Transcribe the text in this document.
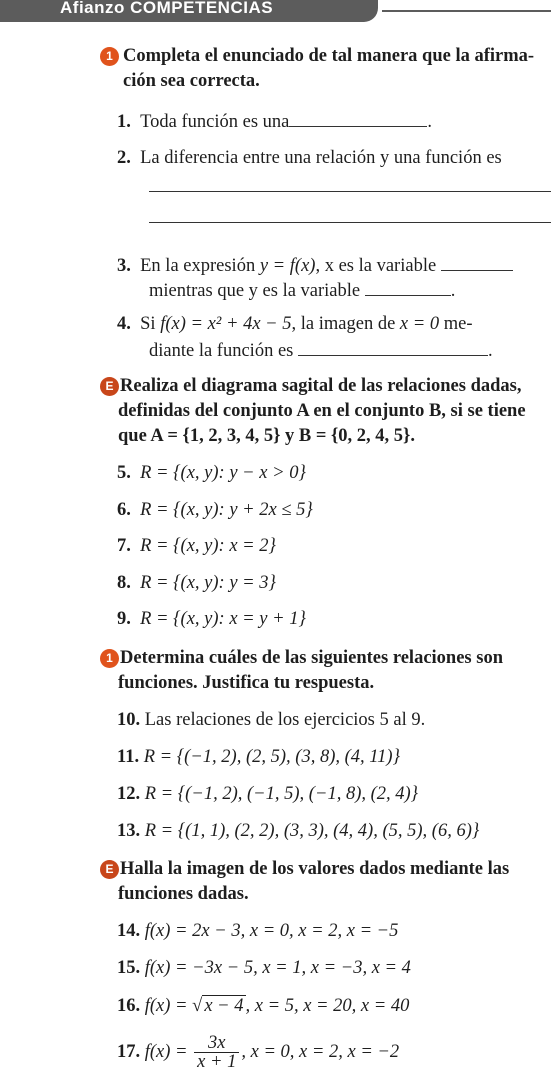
Afianzo COMPETENCIAS
1 Completa el enunciado de tal manera que la afirma-
ción sea correcta.
1. Toda función es una	.
2. La diferencia entre una relación y una función es
3. En la expresión y = f(x), x es la variable
mientras que y es la variable	.
4. Si f(x) = x² + 4x − 5, la imagen de x = 0 me-
diante la función es	.
E Realiza el diagrama sagital de las relaciones dadas,
definidas del conjunto A en el conjunto B, si se tiene
que A = {1, 2, 3, 4, 5} y B = {0, 2, 4, 5}.
5. R = {(x, y): y − x > 0}
6. R = {(x, y): y + 2x ≤ 5}
7. R = {(x, y): x = 2}
8. R = {(x, y): y = 3}
9. R = {(x, y): x = y + 1}
1 Determina cuáles de las siguientes relaciones son
funciones. Justifica tu respuesta.
10. Las relaciones de los ejercicios 5 al 9.
11. R = {(−1, 2), (2, 5), (3, 8), (4, 11)}
12. R = {(−1, 2), (−1, 5), (−1, 8), (2, 4)}
13. R = {(1, 1), (2, 2), (3, 3), (4, 4), (5, 5), (6, 6)}
E Halla la imagen de los valores dados mediante las
funciones dadas.
14. f(x) = 2x − 3, x = 0, x = 2, x = −5
15. f(x) = −3x − 5, x = 1, x = −3, x = 4
16. f(x) = √ x − 4 , x = 5, x = 20, x = 40
17. $f(x) = \frac{3x}{x + 1}$ , x = 0, x = 2, x = −2
